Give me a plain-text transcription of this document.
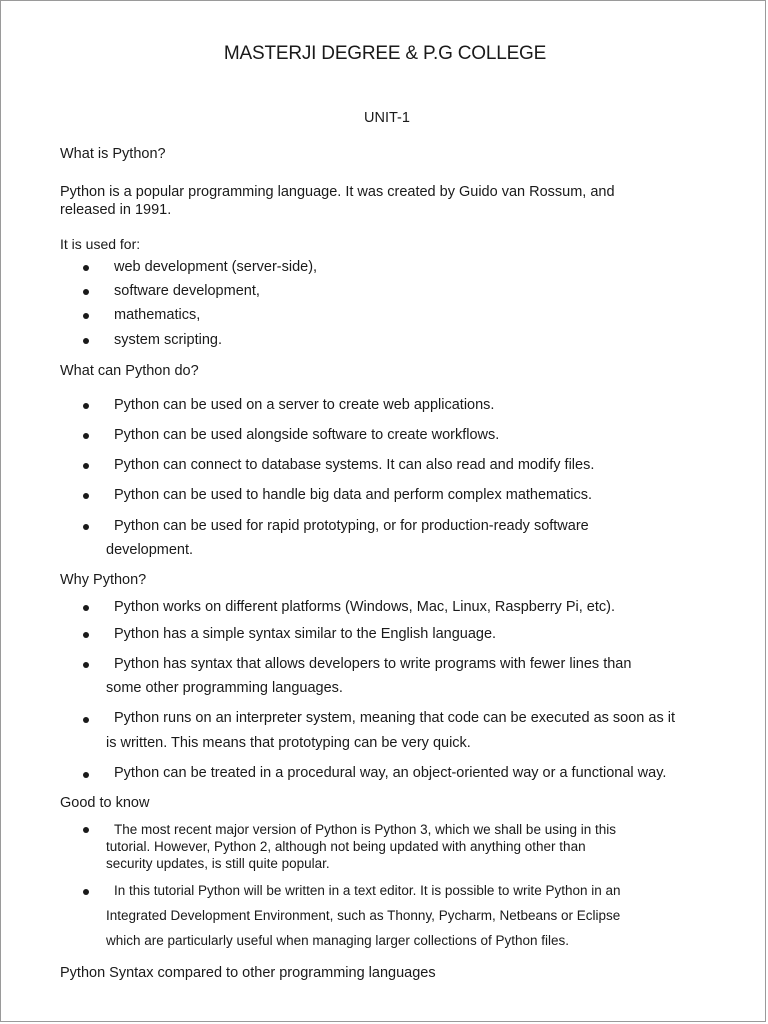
MASTERJI DEGREE & P.G COLLEGE
UNIT-1
What is Python?
Python is a popular programming language. It was created by Guido van Rossum, and
released in 1991.
It is used for:
web development (server-side),
software development,
mathematics,
system scripting.
What can Python do?
Python can be used on a server to create web applications.
Python can be used alongside software to create workflows.
Python can connect to database systems. It can also read and modify files.
Python can be used to handle big data and perform complex mathematics.
Python can be used for rapid prototyping, or for production-ready software
development.
Why Python?
Python works on different platforms (Windows, Mac, Linux, Raspberry Pi, etc).
Python has a simple syntax similar to the English language.
Python has syntax that allows developers to write programs with fewer lines than
some other programming languages.
Python runs on an interpreter system, meaning that code can be executed as soon as it
is written. This means that prototyping can be very quick.
Python can be treated in a procedural way, an object-oriented way or a functional way.
Good to know
The most recent major version of Python is Python 3, which we shall be using in this
tutorial. However, Python 2, although not being updated with anything other than
security updates, is still quite popular.
In this tutorial Python will be written in a text editor. It is possible to write Python in an
Integrated Development Environment, such as Thonny, Pycharm, Netbeans or Eclipse
which are particularly useful when managing larger collections of Python files.
Python Syntax compared to other programming languages
